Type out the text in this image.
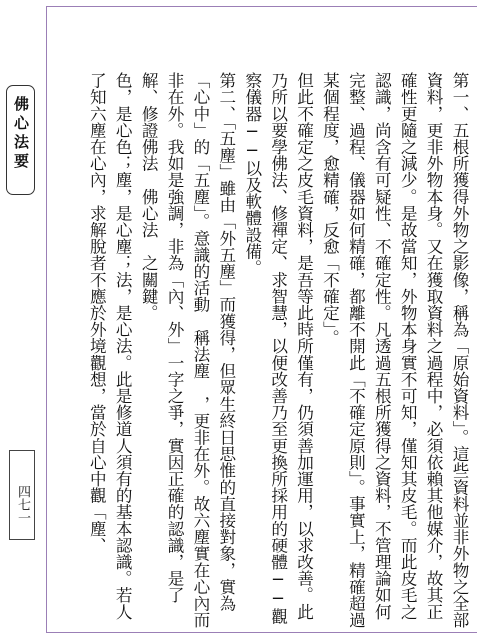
佛心法要
四七一	第一、五根所獲得外物之影像，稱為「原始資料」。這些資料並非外物之全部資料，更非外物本身。又在獲取資料之過程中，必須依賴其他媒介，故其正確性更隨之減少。是故當知，外物本身實不可知，僅知其皮毛。而此皮毛之認識，尚含有可疑性、不確定性。凡透過五根所獲得之資料，不管理論如何完整、過程、儀器如何精確，都離不開此「不確定原則」。事實上，精確超過某個程度，愈精確，反愈「不確定」。

但此不確定之皮毛資料，是吾等此時所僅有，仍須善加運用，以求改善。此乃所以要學佛法、修禪定、求智慧，以便改善乃至更換所採用的硬體──觀察儀器──以及軟體設備。

第二、「五塵」雖由「外五塵」而獲得，但眾生終日思惟的直接對象，實為「心中」的「五塵」。意識的活動　稱法塵　，更非在外。故六塵實在心內而非在外。我如是強調，非為「內、外」一字之爭，實因正確的認識，是了解、修證佛法　佛心法　之關鍵。

色，是心色；塵，是心塵；法，是心法。此是修道人須有的基本認識。若人了知六塵在心內，求解脫者不應於外境觀想，當於自心中觀「塵、
